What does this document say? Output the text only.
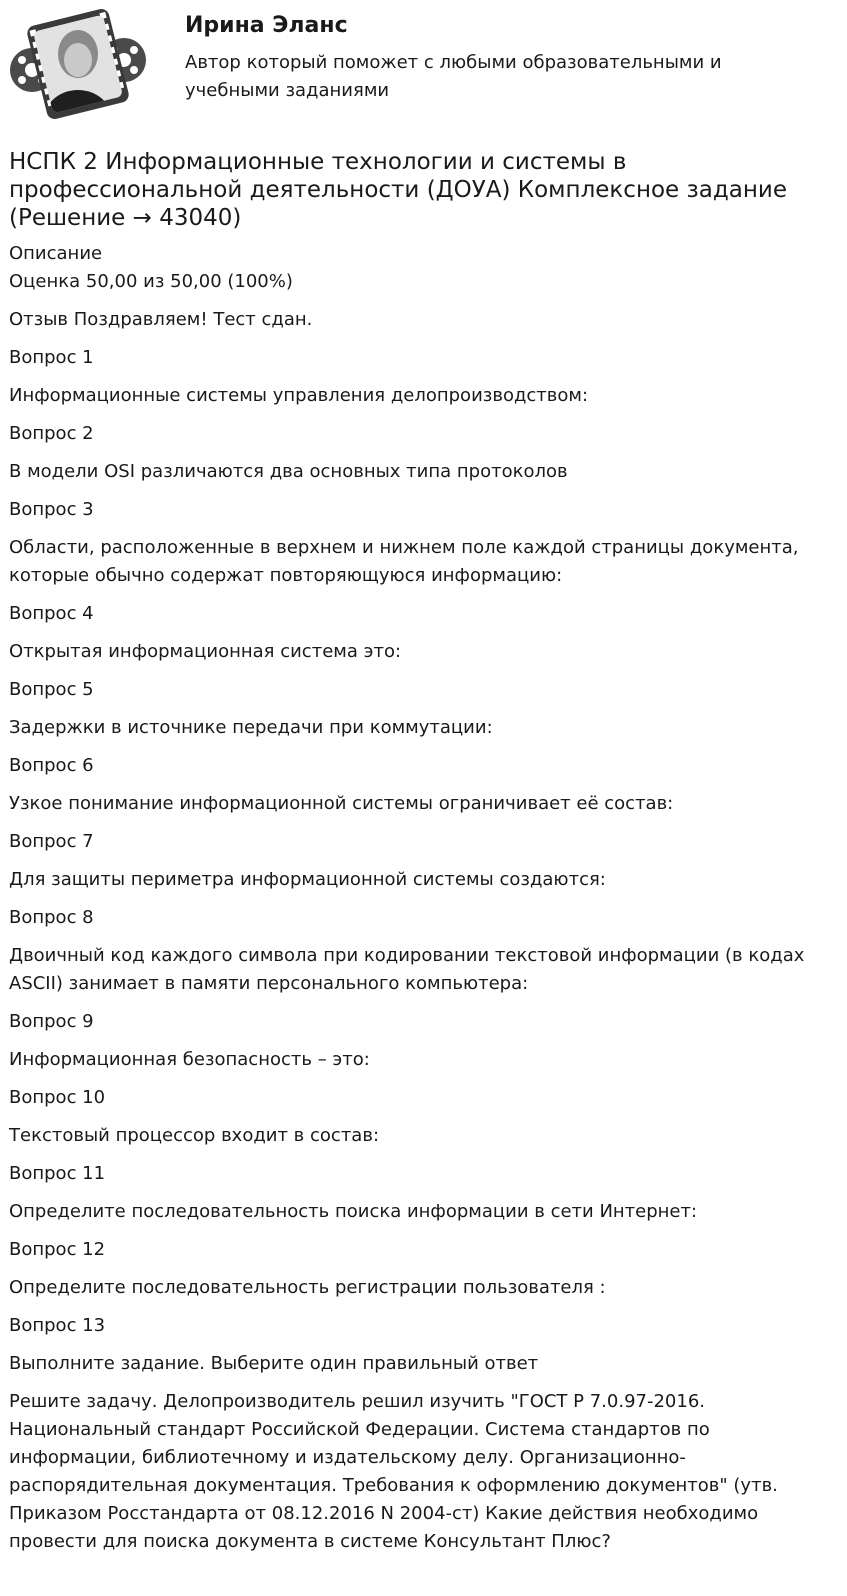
Ирина Эланс
Автор который поможет с любыми образовательными и учебными заданиями
НСПК 2 Информационные технологии и системы в профессиональной деятельности (ДОУА) Комплексное задание (Решение → 43040)
Описание
Оценка 50,00 из 50,00 (100%)
Отзыв Поздравляем! Тест сдан.
Вопрос 1
Информационные системы управления делопроизводством:
Вопрос 2
В модели OSI различаются два основных типа протоколов
Вопрос 3
Области, расположенные в верхнем и нижнем поле каждой страницы документа, которые обычно содержат повторяющуюся информацию:
Вопрос 4
Открытая информационная система это:
Вопрос 5
Задержки в источнике передачи при коммутации:
Вопрос 6
Узкое понимание информационной системы ограничивает её состав:
Вопрос 7
Для защиты периметра информационной системы создаются:
Вопрос 8
Двоичный код каждого символа при кодировании текстовой информации (в кодах ASCII) занимает в памяти персонального компьютера:
Вопрос 9
Информационная безопасность – это:
Вопрос 10
Текстовый процессор входит в состав:
Вопрос 11
Определите последовательность поиска информации в сети Интернет:
Вопрос 12
Определите последовательность регистрации пользователя :
Вопрос 13
Выполните задание. Выберите один правильный ответ
Решите задачу. Делопроизводитель решил изучить "ГОСТ Р 7.0.97-2016. Национальный стандарт Российской Федерации. Система стандартов по информации, библиотечному и издательскому делу. Организационно-распорядительная документация. Требования к оформлению документов" (утв. Приказом Росстандарта от 08.12.2016 N 2004-ст) Какие действия необходимо провести для поиска документа в системе Консультант Плюс?
